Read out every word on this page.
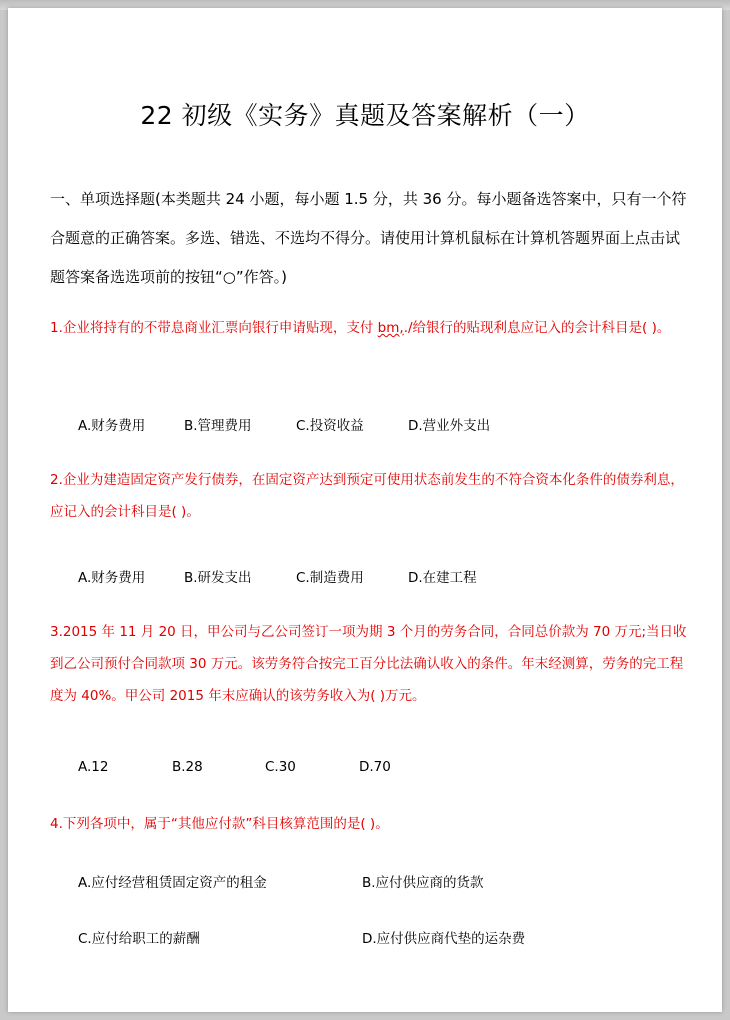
22 初级《实务》真题及答案解析（一）
一、单项选择题(本类题共 24 小题，每小题 1.5 分，共 36 分。每小题备选答案中，只有一个符合题意的正确答案。多选、错选、不选均不得分。请使用计算机鼠标在计算机答题界面上点击试题答案备选选项前的按钮“○”作答。)
1.企业将持有的不带息商业汇票向银行申请贴现，支付 bm,./给银行的贴现利息应记入的会计科目是( )。
A.财务费用	B.管理费用	C.投资收益	D.营业外支出
2.企业为建造固定资产发行债券，在固定资产达到预定可使用状态前发生的不符合资本化条件的债券利息，应记入的会计科目是( )。
A.财务费用	B.研发支出	C.制造费用	D.在建工程
3.2015 年 11 月 20 日，甲公司与乙公司签订一项为期 3 个月的劳务合同，合同总价款为 70 万元;当日收到乙公司预付合同款项 30 万元。该劳务符合按完工百分比法确认收入的条件。年末经测算，劳务的完工程度为 40%。甲公司 2015 年末应确认的该劳务收入为( )万元。
A.12	B.28	C.30	D.70
4.下列各项中，属于“其他应付款”科目核算范围的是( )。
A.应付经营租赁固定资产的租金	B.应付供应商的货款
C.应付给职工的薪酬	D.应付供应商代垫的运杂费
